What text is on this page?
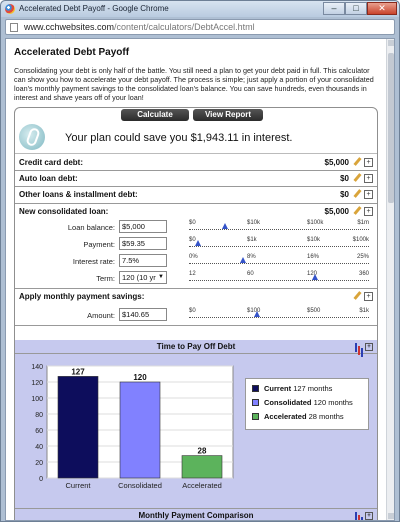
Accelerated Debt Payoff - Google Chrome	–	□	✕
www.cchwebsites.com/content/calculators/DebtAccel.html
Accelerated Debt Payoff

Consolidating your debt is only half of the battle. You still need a plan to get your debt paid in full. This calculator can show you how to accelerate your debt payoff. The process is simple; just apply a portion of your consolidated loan's monthly payment savings to the consolidated loan's balance. You can save hundreds, even thousands in interest and shave years off of your loan!

Calculate	View Report
Your plan could save you $1,943.11 in interest.
Credit card debt:	$5,000	+
Auto loan debt:	$0	+
Other loans & installment debt:	$0	+
New consolidated loan:	$5,000	+
Loan balance: $5,000	$0	$10k	$100k	$1m
Payment: $59.35	$0	$1k	$10k	$100k
Interest rate: 7.5%	0%	8%	16%	25%
Term: 120 (10 yr ▼	12	60	120	360
Apply monthly payment savings:	+
Amount: $140.65	$0	$100	$500	$1k
Time to Pay Off Debt	+
0
20
40
60
80
100
120
140	127
Current
120
Consolidated
28
Accelerated
Current 127 months
Consolidated 120 months
Accelerated 28 months
Monthly Payment Comparison	+
